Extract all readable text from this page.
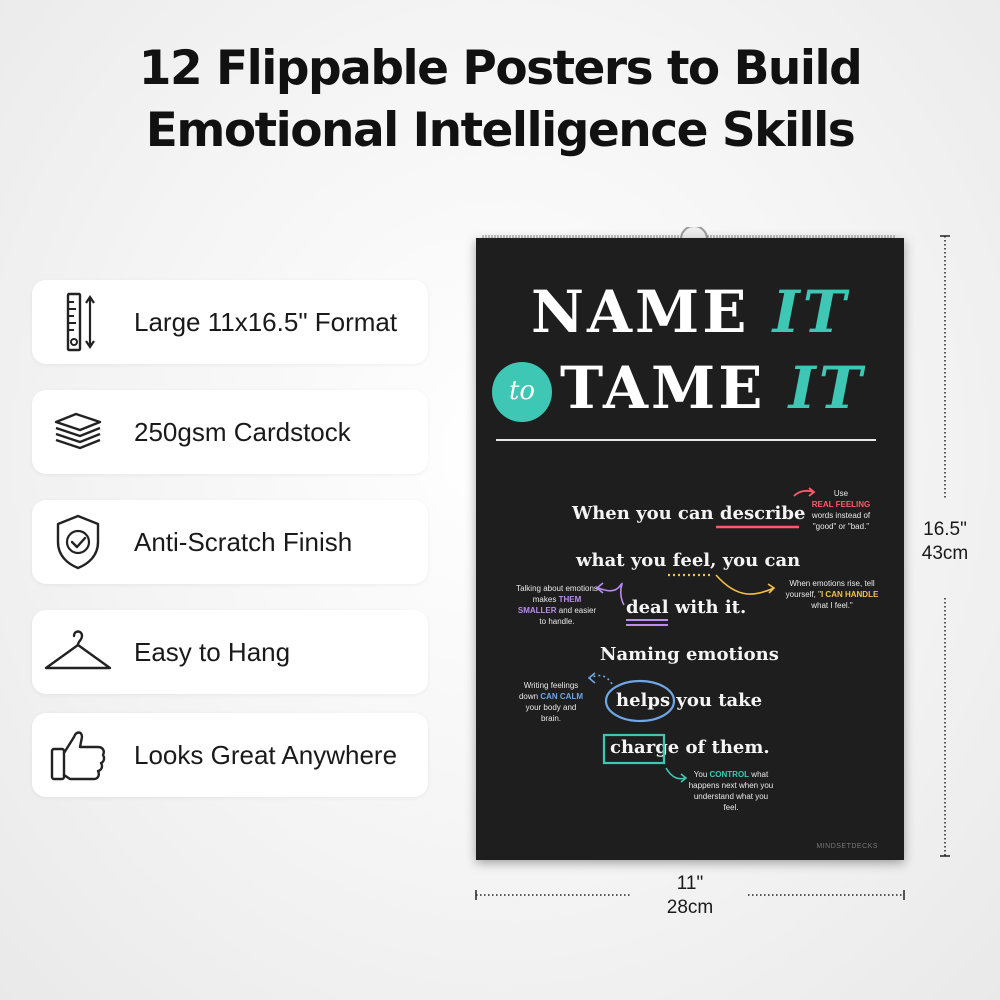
12 Flippable Posters to Build
Emotional Intelligence Skills
Large 11x16.5" Format
250gsm Cardstock
Anti-Scratch Finish
Easy to Hang
Looks Great Anywhere
NAME IT
to TAME IT
When you can describe
what you feel, you can
deal with it.
Naming emotions
helps you take
charge of them.
Use
REAL FEELING
words instead of "good" or "bad."
When emotions rise, tell yourself, "I CAN HANDLE what I feel."
Talking about emotions makes THEM SMALLER and easier to handle.
Writing feelings down CAN CALM your body and brain.
You CONTROL what happens next when you understand what you feel.
MINDSETDECKS
16.5"
43cm
11"
28cm
